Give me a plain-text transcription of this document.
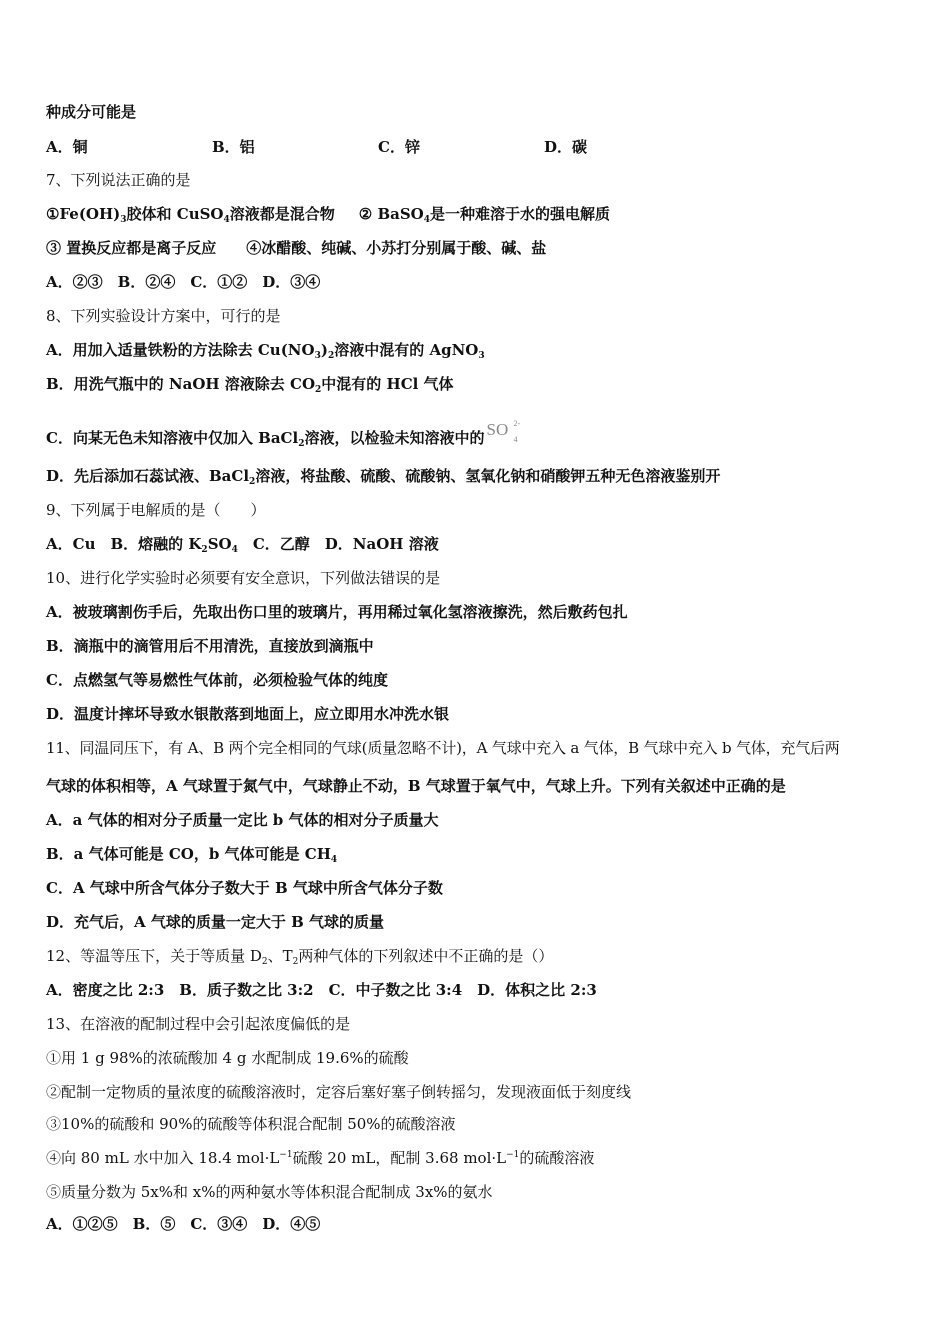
种成分可能是
A．铜	B．铝	C．锌	D．碳
7、下列说法正确的是
$①Fe(OH)_3$胶体和 CuSO$_4$溶液都是混合物 ② BaSO$_4$是一种难溶于水的强电解质
③ 置换反应都是离子反应 ④冰醋酸、纯碱、小苏打分别属于酸、碱、盐
A．②③　B．②④　C．①②　D．③④
8、下列实验设计方案中，可行的是
A．用加入适量铁粉的方法除去 $Cu(NO_3)_2$溶液中混有的 AgNO$_3$
B．用洗气瓶中的 NaOH 溶液除去 $CO_2$中混有的 HCl 气体
C．向某无色未知溶液中仅加入 BaCl$_2$溶液，以检验未知溶液中的 SO 2-
4
D．先后添加石蕊试液、BaCl$_2$溶液，将盐酸、硫酸、硫酸钠、氢氧化钠和硝酸钾五种无色溶液鉴别开
9、下列属于电解质的是（　　）
A．Cu　B．熔融的 $K_2SO_4$　C．乙醇　D．NaOH 溶液
10、进行化学实验时必须要有安全意识，下列做法错误的是
A．被玻璃割伤手后，先取出伤口里的玻璃片，再用稀过氧化氢溶液擦洗，然后敷药包扎
B．滴瓶中的滴管用后不用清洗，直接放到滴瓶中
C．点燃氢气等易燃性气体前，必须检验气体的纯度
D．温度计摔坏导致水银散落到地面上，应立即用水冲洗水银
11、同温同压下，有 A、B 两个完全相同的气球(质量忽略不计)，A 气球中充入 a 气体，B 气球中充入 b 气体，充气后两
气球的体积相等，A 气球置于氮气中，气球静止不动，B 气球置于氧气中，气球上升。下列有关叙述中正确的是
A．a 气体的相对分子质量一定比 b 气体的相对分子质量大
B．a 气体可能是 CO，b 气体可能是 $CH_4$
C．A 气球中所含气体分子数大于 B 气球中所含气体分子数
D．充气后，A 气球的质量一定大于 B 气球的质量
12、等温等压下，关于等质量 $D_2$、$T_2$两种气体的下列叙述中不正确的是（）
A．密度之比 2:3　B．质子数之比 3:2　C．中子数之比 3:4　D．体积之比 2:3
13、在溶液的配制过程中会引起浓度偏低的是
①用 1 g 98%的浓硫酸加 4 g 水配制成 19.6%的硫酸
②配制一定物质的量浓度的硫酸溶液时，定容后塞好塞子倒转摇匀，发现液面低于刻度线
③10%的硫酸和 90%的硫酸等体积混合配制 50%的硫酸溶液
④向 80 mL 水中加入 18.4 $mol\cdot L^{-1}$硫酸 20 mL，配制 3.68 $mol\cdot L^{-1}$的硫酸溶液
⑤质量分数为 5x%和 x%的两种氨水等体积混合配制成 3x%的氨水
A．①②⑤　B．⑤　C．③④　D．④⑤
